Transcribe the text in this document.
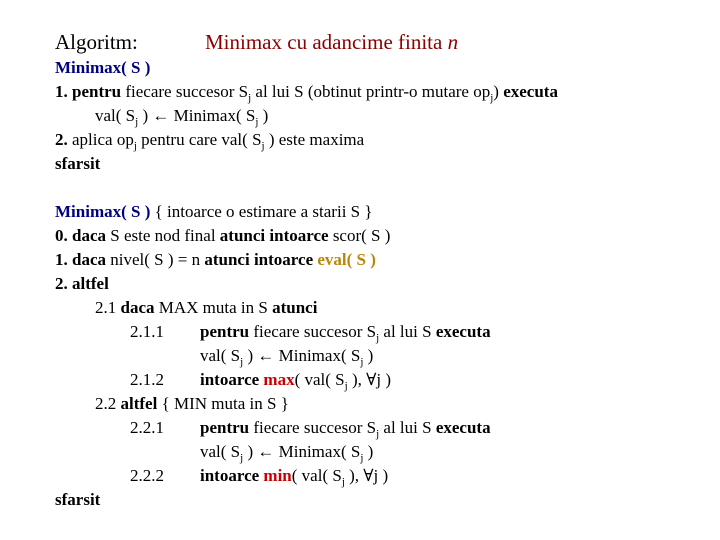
Algoritm:	Minimax cu adancime finita n
Minimax( S )
1. pentru fiecare succesor $S_j$ al lui S (obtinut printr-o mutare $op_j$) executa
val( $S_j$ ) ← Minimax( $S_j$ )
2. aplica $op_j$ pentru care val( $S_j$ ) este maxima
sfarsit
Minimax( S ) { intoarce o estimare a starii S }
0. daca S este nod final atunci intoarce scor( S )
1. daca nivel( S ) = n atunci intoarce eval( S )
2. altfel
2.1 daca MAX muta in S atunci
2.1.1 pentru fiecare succesor $S_j$ al lui S executa
val( $S_j$ ) ← Minimax( $S_j$ )
2.1.2 intoarce max( val( $S_j$ ), ∀j )
2.2 altfel { MIN muta in S }
2.2.1 pentru fiecare succesor $S_j$ al lui S executa
val( $S_j$ ) ← Minimax( $S_j$ )
2.2.2 intoarce min( val( $S_j$ ), ∀j )
sfarsit
